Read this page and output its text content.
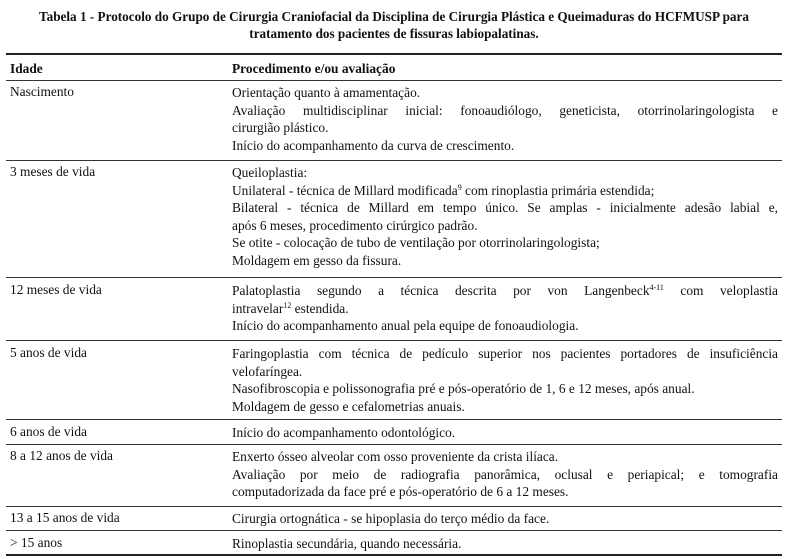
Tabela 1 - Protocolo do Grupo de Cirurgia Craniofacial da Disciplina de Cirurgia Plástica e Queimaduras do HCFMUSP para
tratamento dos pacientes de fissuras labiopalatinas.
Idade	Procedimento e/ou avaliação
Nascimento	Orientação quanto à amamentação.
Avaliação multidisciplinar inicial: fonoaudiólogo, geneticista, otorrinolaringologista e
cirurgião plástico.
Início do acompanhamento da curva de crescimento.
3 meses de vida	Queiloplastia:
Unilateral - técnica de Millard modificada$^9$ com rinoplastia primária estendida;
Bilateral - técnica de Millard em tempo único. Se amplas - inicialmente adesão labial e,
após 6 meses, procedimento cirúrgico padrão.
Se otite - colocação de tubo de ventilação por otorrinolaringologista;
Moldagem em gesso da fissura.
12 meses de vida	Palatoplastia segundo a técnica descrita por von Langenbeck$^{4-11}$ com veloplastia
intravelar$^{12}$ estendida.
Início do acompanhamento anual pela equipe de fonoaudiologia.
5 anos de vida	Faringoplastia com técnica de pedículo superior nos pacientes portadores de insuficiência
velofaríngea.
Nasofibroscopia e polissonografia pré e pós-operatório de 1, 6 e 12 meses, após anual.
Moldagem de gesso e cefalometrias anuais.
6 anos de vida	Início do acompanhamento odontológico.
8 a 12 anos de vida	Enxerto ósseo alveolar com osso proveniente da crista ilíaca.
Avaliação por meio de radiografia panorâmica, oclusal e periapical; e tomografia
computadorizada da face pré e pós-operatório de 6 a 12 meses.
13 a 15 anos de vida	Cirurgia ortognática - se hipoplasia do terço médio da face.
> 15 anos	Rinoplastia secundária, quando necessária.
